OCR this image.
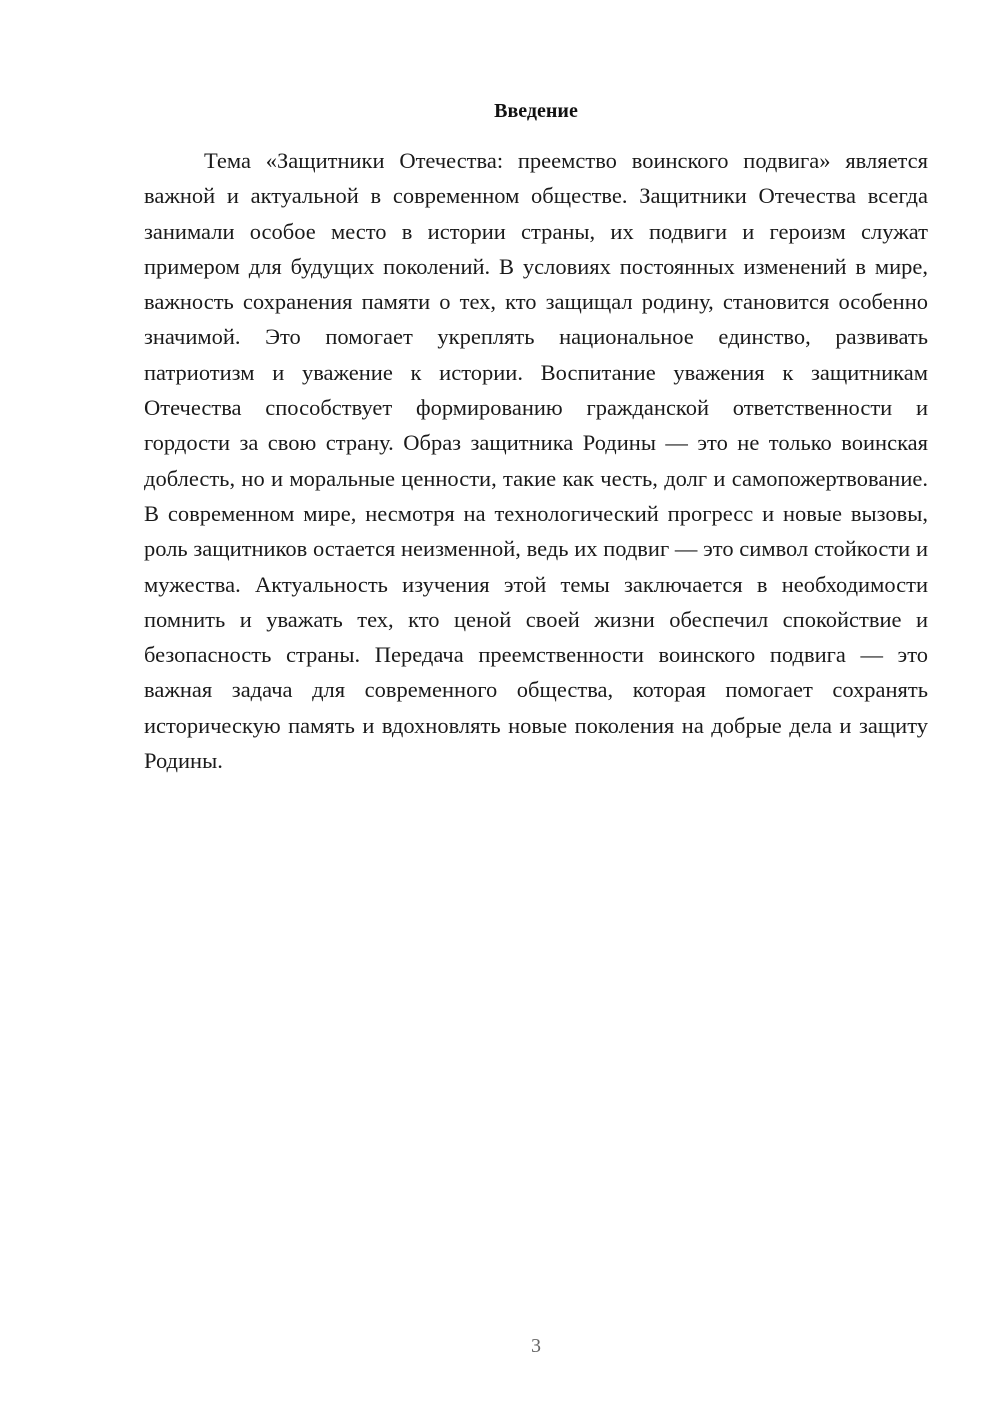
Введение

Тема «Защитники Отечества: преемство воинского подвига» является важной и актуальной в современном обществе. Защитники Отечества всегда занимали особое место в истории страны, их подвиги и героизм служат примером для будущих поколений. В условиях постоянных изменений в мире, важность сохранения памяти о тех, кто защищал родину, становится особенно значимой. Это помогает укреплять национальное единство, развивать патриотизм и уважение к истории. Воспитание уважения к защитникам Отечества способствует формированию гражданской ответственности и гордости за свою страну. Образ защитника Родины — это не только воинская доблесть, но и моральные ценности, такие как честь, долг и самопожертвование. В современном мире, несмотря на технологический прогресс и новые вызовы, роль защитников остается неизменной, ведь их подвиг — это символ стойкости и мужества. Актуальность изучения этой темы заключается в необходимости помнить и уважать тех, кто ценой своей жизни обеспечил спокойствие и безопасность страны. Передача преемственности воинского подвига — это важная задача для современного общества, которая помогает сохранять историческую память и вдохновлять новые поколения на добрые дела и защиту Родины.

3
